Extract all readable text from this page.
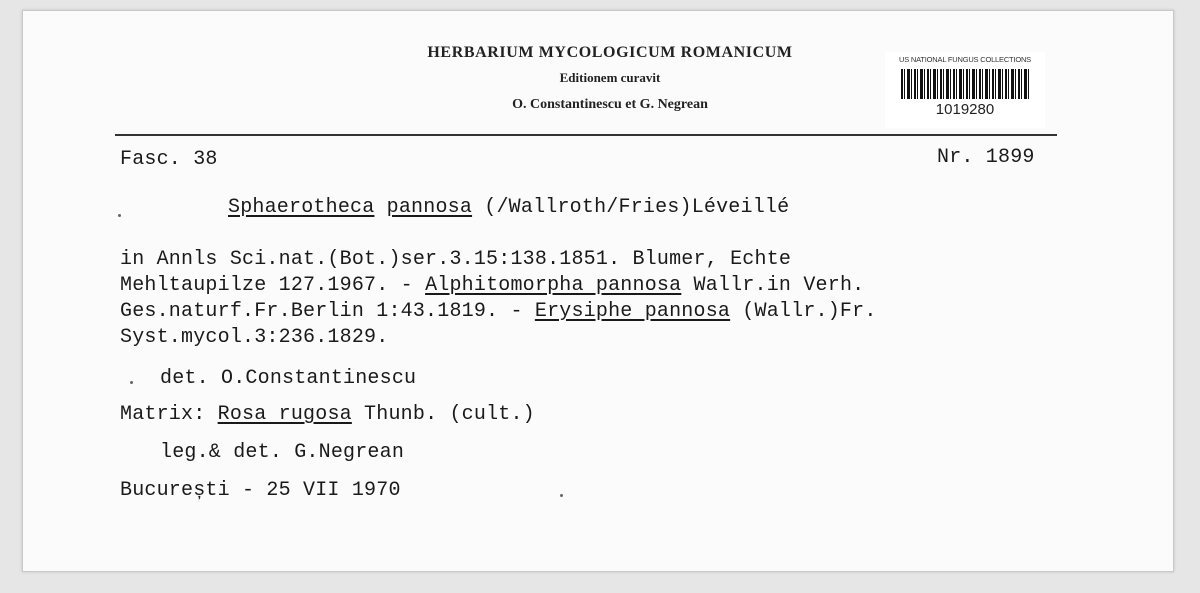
HERBARIUM MYCOLOGICUM ROMANICUM
Editionem curavit
O. Constantinescu et G. Negrean
US NATIONAL FUNGUS COLLECTIONS
1019280
Fasc. 38	Nr. 1899
Sphaerotheca pannosa (/Wallroth/Fries)Léveillé
in Annls Sci.nat.(Bot.)ser.3.15:138.1851. Blumer, Echte
Mehltaupilze 127.1967. - Alphitomorpha pannosa Wallr.in Verh.
Ges.naturf.Fr.Berlin 1:43.1819. - Erysiphe pannosa (Wallr.)Fr.
Syst.mycol.3:236.1829.
det. O.Constantinescu
Matrix: Rosa rugosa Thunb. (cult.)
leg.& det. G.Negrean
București - 25 VII 1970
